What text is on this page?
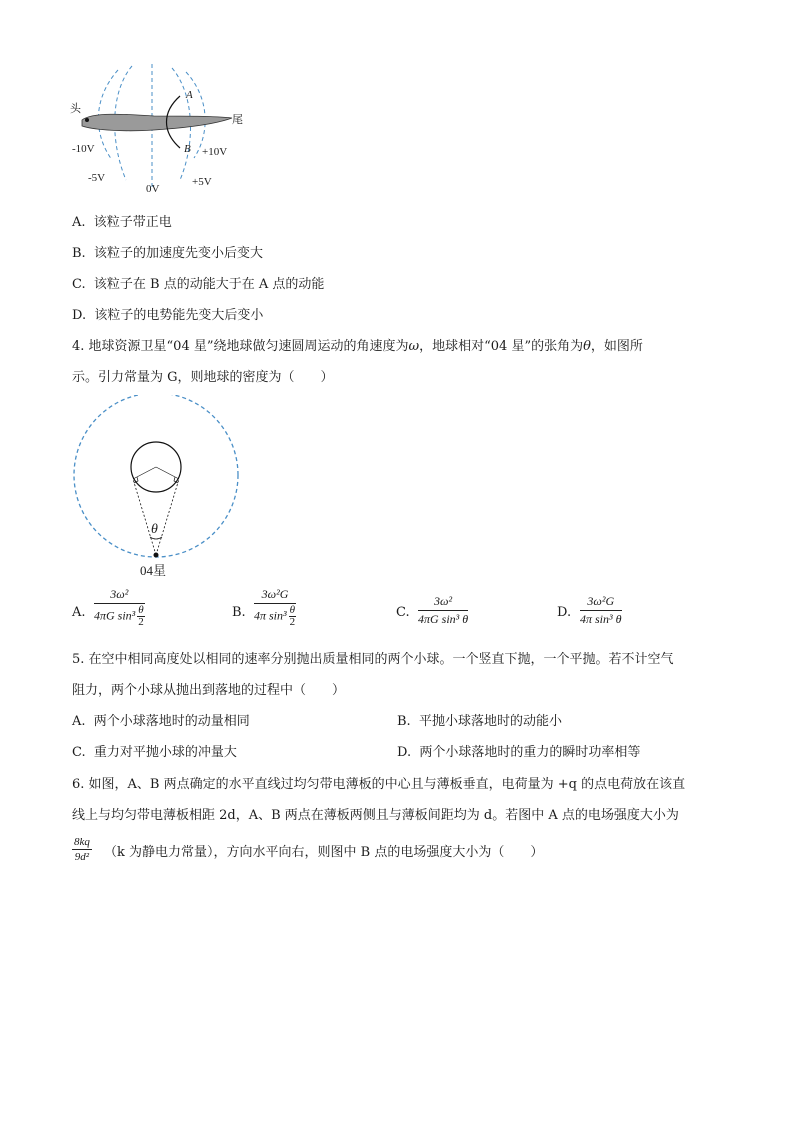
头
尾
A
B
-10V
-5V
0V
+5V
+10V
A. 该粒子带正电
B. 该粒子的加速度先变小后变大
C. 该粒子在 B 点的动能大于在 A 点的动能
D. 该粒子的电势能先变大后变小
4. 地球资源卫星“04 星”绕地球做匀速圆周运动的角速度为ω，地球相对“04 星”的张角为θ，如图所
示。引力常量为 G，则地球的密度为（　　）
θ
04星
A. $\frac{\text{3ω²}}{4\pi G \sin^3 \frac{\theta}{2}}$	B. $\frac{\text{3ω²G}}{4\pi \sin^3 \frac{\theta}{2}}$	C. $\frac{\text{3ω²}}{\text{4πG sin³ θ}}$	D. $\frac{\text{3ω²G}}{\text{4π sin³ θ}}$
5. 在空中相同高度处以相同的速率分别抛出质量相同的两个小球。一个竖直下抛，一个平抛。若不计空气
阻力，两个小球从抛出到落地的过程中（　　）
A. 两个小球落地时的动量相同	B. 平抛小球落地时的动能小
C. 重力对平抛小球的冲量大	D. 两个小球落地时的重力的瞬时功率相等
6. 如图，A、B 两点确定的水平直线过均匀带电薄板的中心且与薄板垂直，电荷量为 +q 的点电荷放在该直
线上与均匀带电薄板相距 2d，A、B 两点在薄板两侧且与薄板间距均为 d。若图中 A 点的电场强度大小为
$\frac{8kq}{\text{9d²}} (k$ 为静电力常量），方向水平向右，则图中 B 点的电场强度大小为（　　）
